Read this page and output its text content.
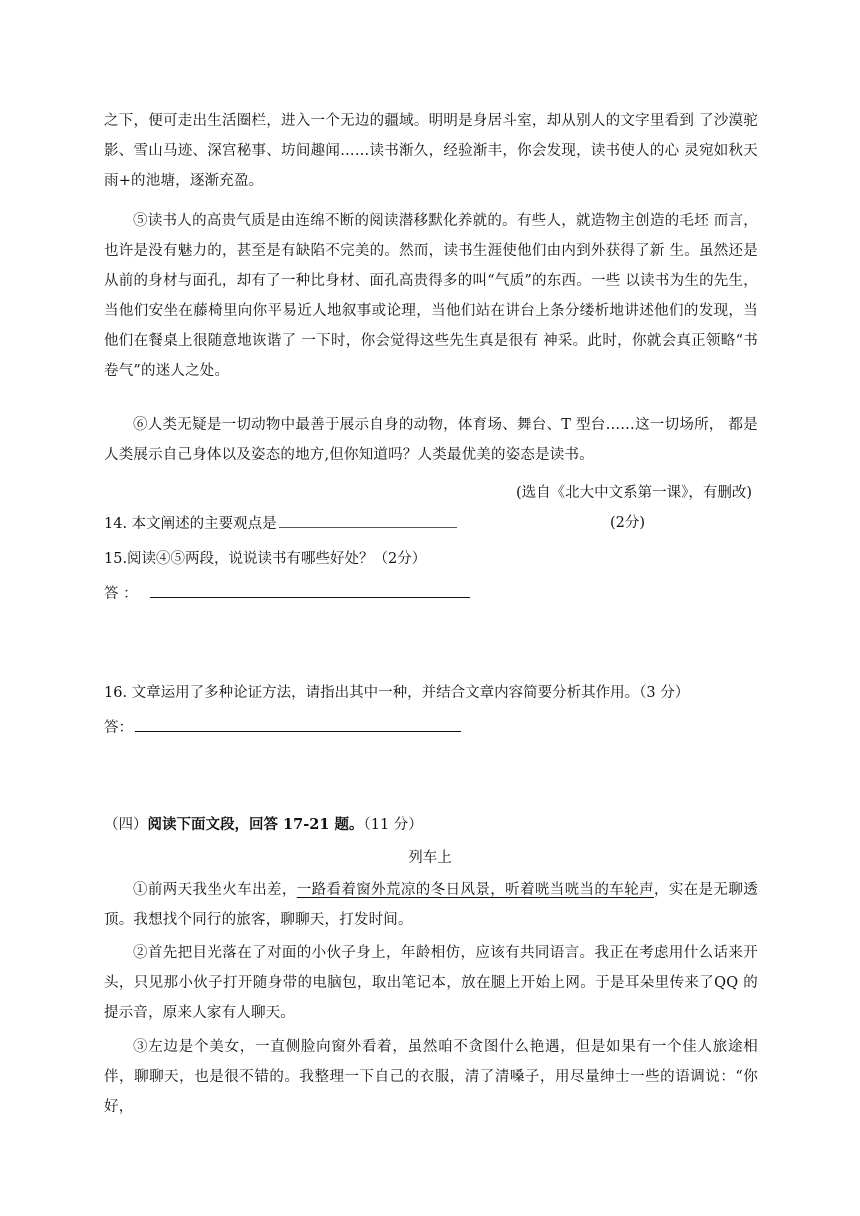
之下，便可走出生活圈栏，进入一个无边的疆域。明明是身居斗室，却从别人的文字里看到 了沙漠驼影、雪山马迹、深宫秘事、坊间趣闻……读书渐久，经验渐丰，你会发现，读书使人的心 灵宛如秋天雨+的池塘，逐渐充盈。
⑤读书人的高贵气质是由连绵不断的阅读潜移默化养就的。有些人，就造物主创造的毛坯 而言，也许是没有魅力的，甚至是有缺陷不完美的。然而，读书生涯使他们由内到外获得了新 生。虽然还是从前的身材与面孔，却有了一种比身材、面孔高贵得多的叫“气质”的东西。一些 以读书为生的先生，当他们安坐在藤椅里向你平易近人地叙事或论理，当他们站在讲台上条分缕析地讲述他们的发现，当他们在餐桌上很随意地诙谐了 一下时，你会觉得这些先生真是很有 神采。此时，你就会真正领略“书卷气”的迷人之处。
⑥人类无疑是一切动物中最善于展示自身的动物，体育场、舞台、T 型台……这一切场所， 都是人类展示自己身体以及姿态的地方,但你知道吗？人类最优美的姿态是读书。
(选自《北大中文系第一课》，有删改)
14. 本文阐述的主要观点是	(2分)
15.阅读④⑤两段，说说读书有哪些好处？（2分）
答 ：
16. 文章运用了多种论证方法，请指出其中一种，并结合文章内容简要分析其作用。（3 分）
答：
（四）阅读下面文段，回答 17-21 题。（11 分）
列车上
①前两天我坐火车出差，一路看着窗外荒凉的冬日风景，听着咣当咣当的车轮声，实在是无聊透顶。我想找个同行的旅客，聊聊天，打发时间。
②首先把目光落在了对面的小伙子身上，年龄相仿，应该有共同语言。我正在考虑用什么话来开头，只见那小伙子打开随身带的电脑包，取出笔记本，放在腿上开始上网。于是耳朵里传来了QQ 的提示音，原来人家有人聊天。
③左边是个美女，一直侧脸向窗外看着，虽然咱不贪图什么艳遇，但是如果有一个佳人旅途相伴，聊聊天，也是很不错的。我整理一下自己的衣服，清了清嗓子，用尽量绅士一些的语调说：“你好，
